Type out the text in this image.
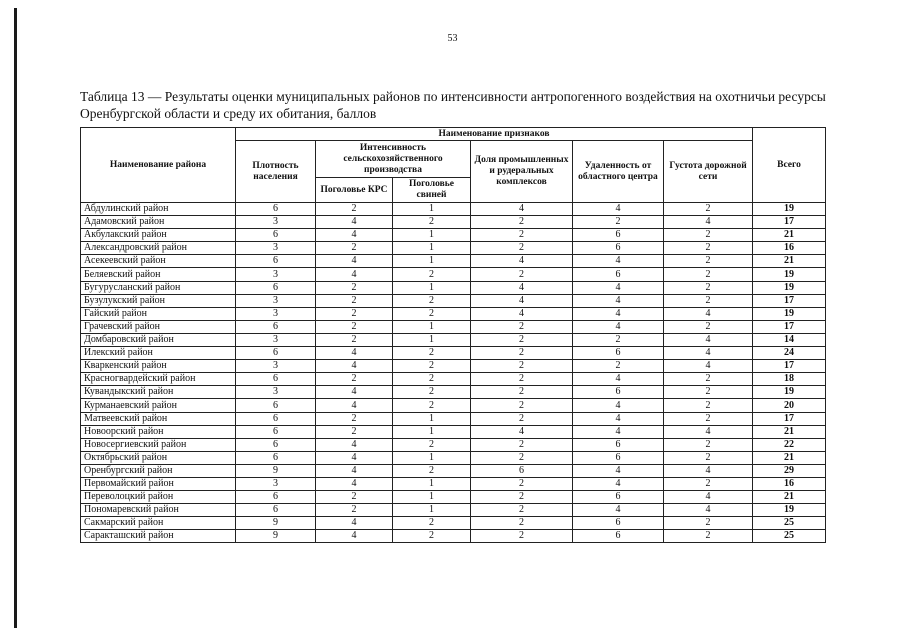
53
Таблица 13 — Результаты оценки муниципальных районов по интенсивности антропогенного воздействия на охотничьи ресурсы Оренбургской области и среду их обитания, баллов
Наименование района	Наименование признаков						Всего
	Плотность населения	Интенсивность сельскохозяйственного производства		Доля промышленных и рудеральных комплексов	Удаленность от областного центра	Густота дорожной сети	
		Поголовье КРС	Поголовье свиней				
Абдулинский район	6	2	1	4	4	2	19
Адамовский район	3	4	2	2	2	4	17
Акбулакский район	6	4	1	2	6	2	21
Александровский район	3	2	1	2	6	2	16
Асекеевский район	6	4	1	4	4	2	21
Беляевский район	3	4	2	2	6	2	19
Бугурусланский район	6	2	1	4	4	2	19
Бузулукский район	3	2	2	4	4	2	17
Гайский район	3	2	2	4	4	4	19
Грачевский район	6	2	1	2	4	2	17
Домбаровский район	3	2	1	2	2	4	14
Илекский район	6	4	2	2	6	4	24
Кваркенский район	3	4	2	2	2	4	17
Красногвардейский район	6	2	2	2	4	2	18
Кувандыкский район	3	4	2	2	6	2	19
Курманаевский район	6	4	2	2	4	2	20
Матвеевский район	6	2	1	2	4	2	17
Новоорский район	6	2	1	4	4	4	21
Новосергиевский район	6	4	2	2	6	2	22
Октябрьский район	6	4	1	2	6	2	21
Оренбургский район	9	4	2	6	4	4	29
Первомайский район	3	4	1	2	4	2	16
Переволоцкий район	6	2	1	2	6	4	21
Пономаревский район	6	2	1	2	4	4	19
Сакмарский район	9	4	2	2	6	2	25
Саракташский район	9	4	2	2	6	2	25
